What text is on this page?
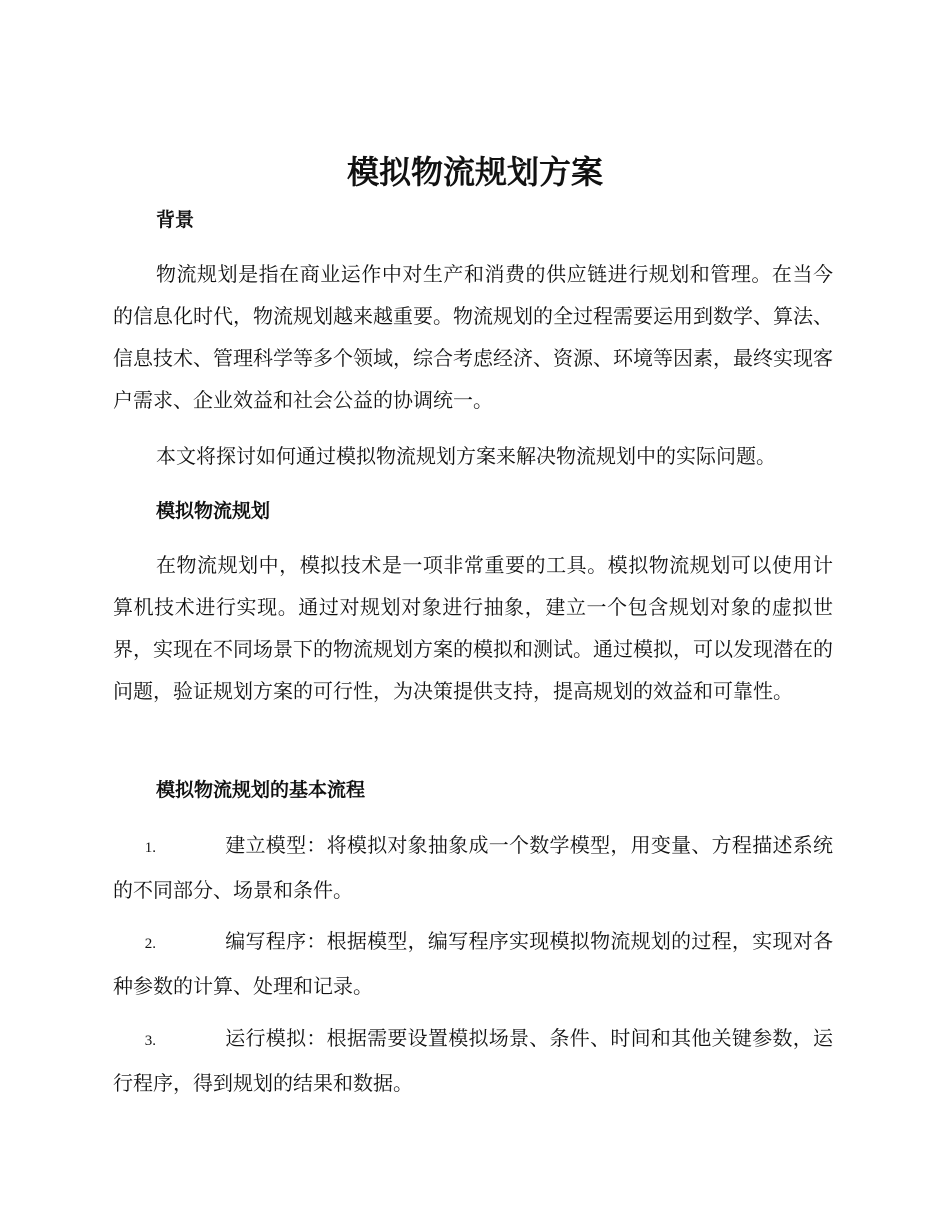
模拟物流规划方案
背景
物流规划是指在商业运作中对生产和消费的供应链进行规划和管理。在当今的信息化时代，物流规划越来越重要。物流规划的全过程需要运用到数学、算法、信息技术、管理科学等多个领域，综合考虑经济、资源、环境等因素，最终实现客户需求、企业效益和社会公益的协调统一。
本文将探讨如何通过模拟物流规划方案来解决物流规划中的实际问题。
模拟物流规划
在物流规划中，模拟技术是一项非常重要的工具。模拟物流规划可以使用计算机技术进行实现。通过对规划对象进行抽象，建立一个包含规划对象的虚拟世界，实现在不同场景下的物流规划方案的模拟和测试。通过模拟，可以发现潜在的问题，验证规划方案的可行性，为决策提供支持，提高规划的效益和可靠性。
模拟物流规划的基本流程
1.	建立模型：将模拟对象抽象成一个数学模型，用变量、方程描述系统的不同部分、场景和条件。
2.	编写程序：根据模型，编写程序实现模拟物流规划的过程，实现对各种参数的计算、处理和记录。
3.	运行模拟：根据需要设置模拟场景、条件、时间和其他关键参数，运行程序，得到规划的结果和数据。
